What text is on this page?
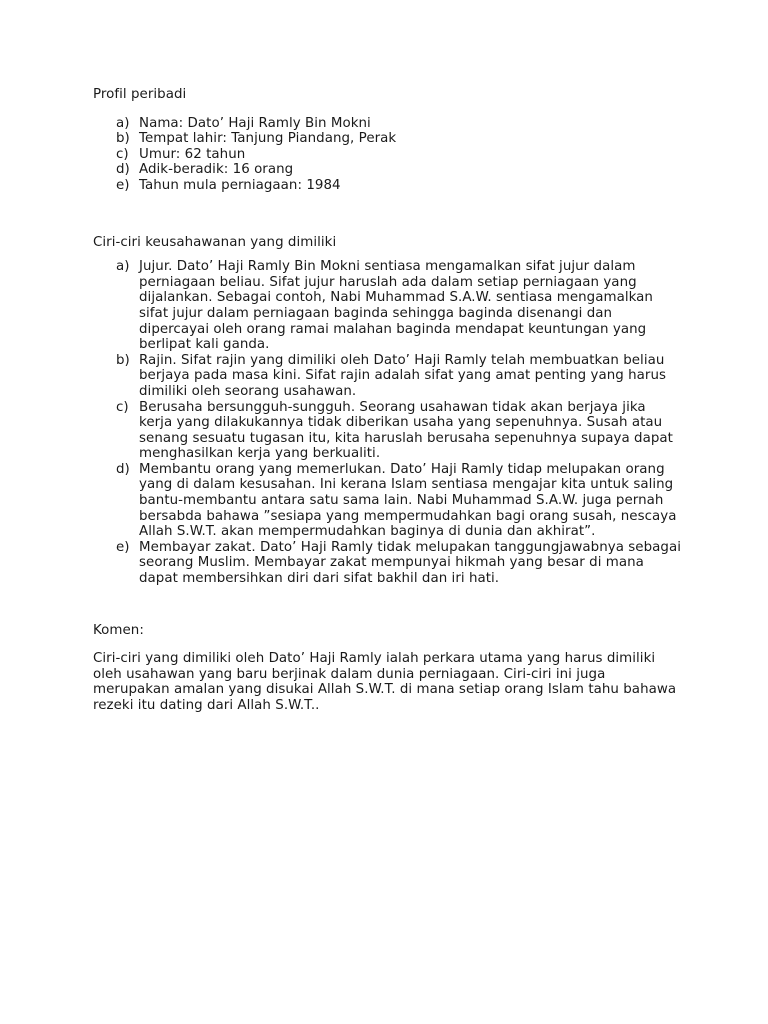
Profil peribadi

a) Nama: Dato’ Haji Ramly Bin Mokni
b) Tempat lahir: Tanjung Piandang, Perak
c) Umur: 62 tahun
d) Adik-beradik: 16 orang
e) Tahun mula perniagaan: 1984

Ciri-ciri keusahawanan yang dimiliki

a) Jujur. Dato’ Haji Ramly Bin Mokni sentiasa mengamalkan sifat jujur dalam perniagaan beliau. Sifat jujur haruslah ada dalam setiap perniagaan yang dijalankan. Sebagai contoh, Nabi Muhammad S.A.W. sentiasa mengamalkan sifat jujur dalam perniagaan baginda sehingga baginda disenangi dan dipercayai oleh orang ramai malahan baginda mendapat keuntungan yang berlipat kali ganda.
b) Rajin. Sifat rajin yang dimiliki oleh Dato’ Haji Ramly telah membuatkan beliau berjaya pada masa kini. Sifat rajin adalah sifat yang amat penting yang harus dimiliki oleh seorang usahawan.
c) Berusaha bersungguh-sungguh. Seorang usahawan tidak akan berjaya jika kerja yang dilakukannya tidak diberikan usaha yang sepenuhnya. Susah atau senang sesuatu tugasan itu, kita haruslah berusaha sepenuhnya supaya dapat menghasilkan kerja yang berkualiti.
d) Membantu orang yang memerlukan. Dato’ Haji Ramly tidap melupakan orang yang di dalam kesusahan. Ini kerana Islam sentiasa mengajar kita untuk saling bantu-membantu antara satu sama lain. Nabi Muhammad S.A.W. juga pernah bersabda bahawa ”sesiapa yang mempermudahkan bagi orang susah, nescaya Allah S.W.T. akan mempermudahkan baginya di dunia dan akhirat”.
e) Membayar zakat. Dato’ Haji Ramly tidak melupakan tanggungjawabnya sebagai seorang Muslim. Membayar zakat mempunyai hikmah yang besar di mana dapat membersihkan diri dari sifat bakhil dan iri hati.

Komen:

Ciri-ciri yang dimiliki oleh Dato’ Haji Ramly ialah perkara utama yang harus dimiliki oleh usahawan yang baru berjinak dalam dunia perniagaan. Ciri-ciri ini juga merupakan amalan yang disukai Allah S.W.T. di mana setiap orang Islam tahu bahawa rezeki itu dating dari Allah S.W.T..
